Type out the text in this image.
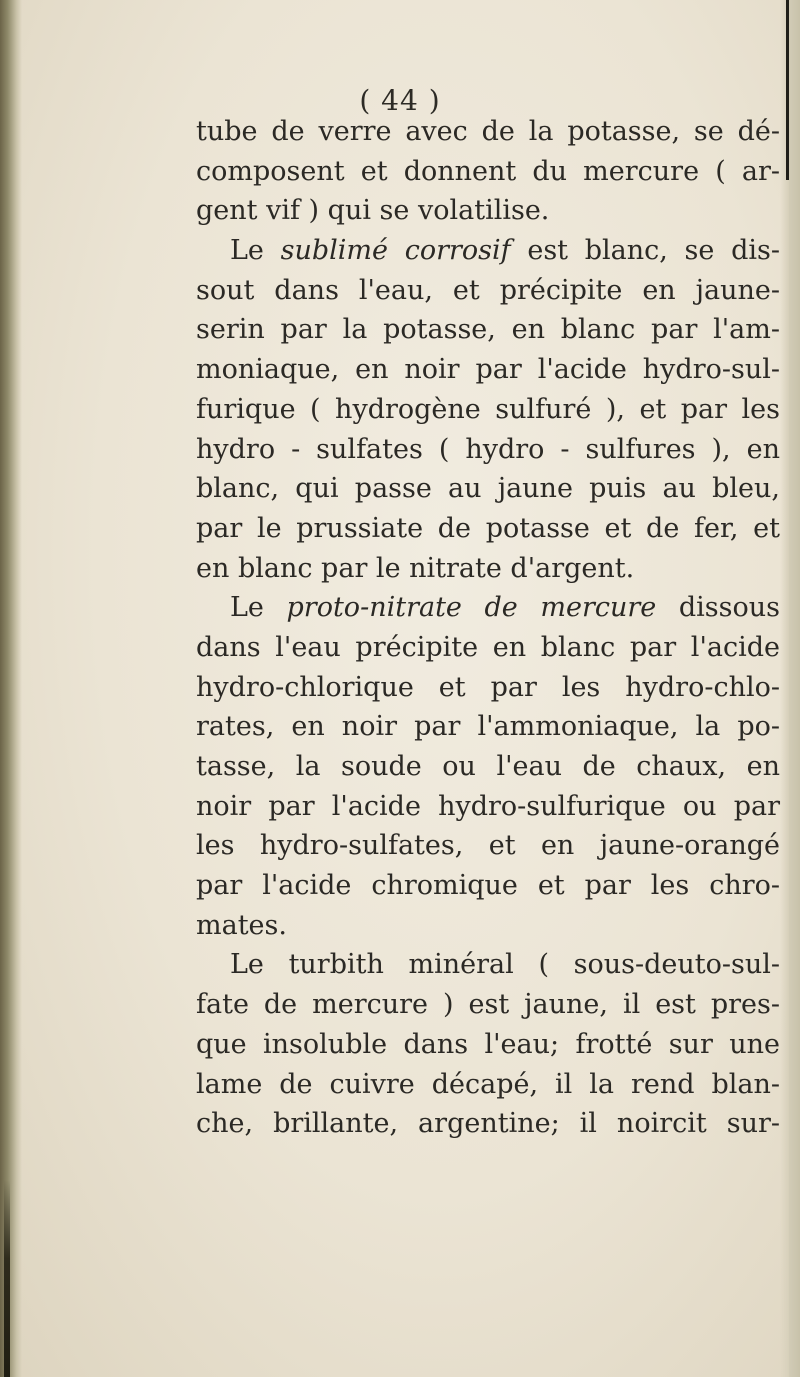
( 44 )
tube de verre avec de la potasse, se dé-
composent et donnent du mercure ( ar-
gent vif ) qui se volatilise.
Le sublimé corrosif est blanc, se dis-
sout dans l'eau, et précipite en jaune-
serin par la potasse, en blanc par l'am-
moniaque, en noir par l'acide hydro-sul-
furique ( hydrogène sulfuré ), et par les
hydro - sulfates ( hydro - sulfures ), en
blanc, qui passe au jaune puis au bleu,
par le prussiate de potasse et de fer, et
en blanc par le nitrate d'argent.
Le proto-nitrate de mercure dissous
dans l'eau précipite en blanc par l'acide
hydro-chlorique et par les hydro-chlo-
rates, en noir par l'ammoniaque, la po-
tasse, la soude ou l'eau de chaux, en
noir par l'acide hydro-sulfurique ou par
les hydro-sulfates, et en jaune-orangé
par l'acide chromique et par les chro-
mates.
Le turbith minéral ( sous-deuto-sul-
fate de mercure ) est jaune, il est pres-
que insoluble dans l'eau; frotté sur une
lame de cuivre décapé, il la rend blan-
che, brillante, argentine; il noircit sur-
